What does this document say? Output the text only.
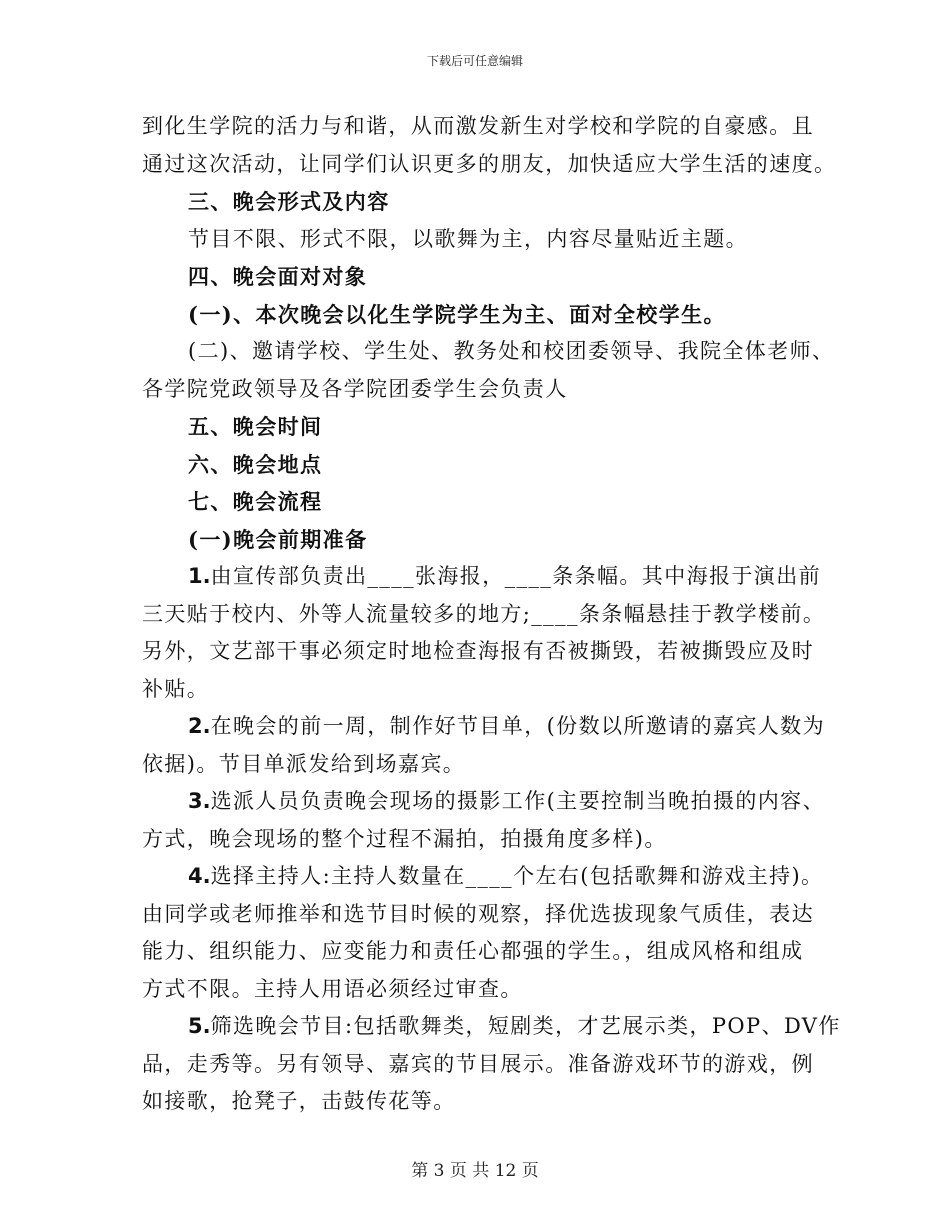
下载后可任意编辑
到化生学院的活力与和谐，从而激发新生对学校和学院的自豪感。且
通过这次活动，让同学们认识更多的朋友，加快适应大学生活的速度。
三、晚会形式及内容
节目不限、形式不限，以歌舞为主，内容尽量贴近主题。
四、晚会面对对象
(一)、本次晚会以化生学院学生为主、面对全校学生。
(二)、邀请学校、学生处、教务处和校团委领导、我院全体老师、
各学院党政领导及各学院团委学生会负责人
五、晚会时间
六、晚会地点
七、晚会流程
(一)晚会前期准备
1.由宣传部负责出____张海报，____条条幅。其中海报于演出前
三天贴于校内、外等人流量较多的地方;____条条幅悬挂于教学楼前。
另外，文艺部干事必须定时地检查海报有否被撕毁，若被撕毁应及时
补贴。
2.在晚会的前一周，制作好节目单，(份数以所邀请的嘉宾人数为
依据)。节目单派发给到场嘉宾。
3.选派人员负责晚会现场的摄影工作(主要控制当晚拍摄的内容、
方式，晚会现场的整个过程不漏拍，拍摄角度多样)。
4.选择主持人:主持人数量在____个左右(包括歌舞和游戏主持)。
由同学或老师推举和选节目时候的观察，择优选拔现象气质佳，表达
能力、组织能力、应变能力和责任心都强的学生。，组成风格和组成
方式不限。主持人用语必须经过审查。
5.筛选晚会节目:包括歌舞类，短剧类，才艺展示类，POP、DV作
品，走秀等。另有领导、嘉宾的节目展示。准备游戏环节的游戏，例
如接歌，抢凳子，击鼓传花等。
第 3 页 共 12 页
